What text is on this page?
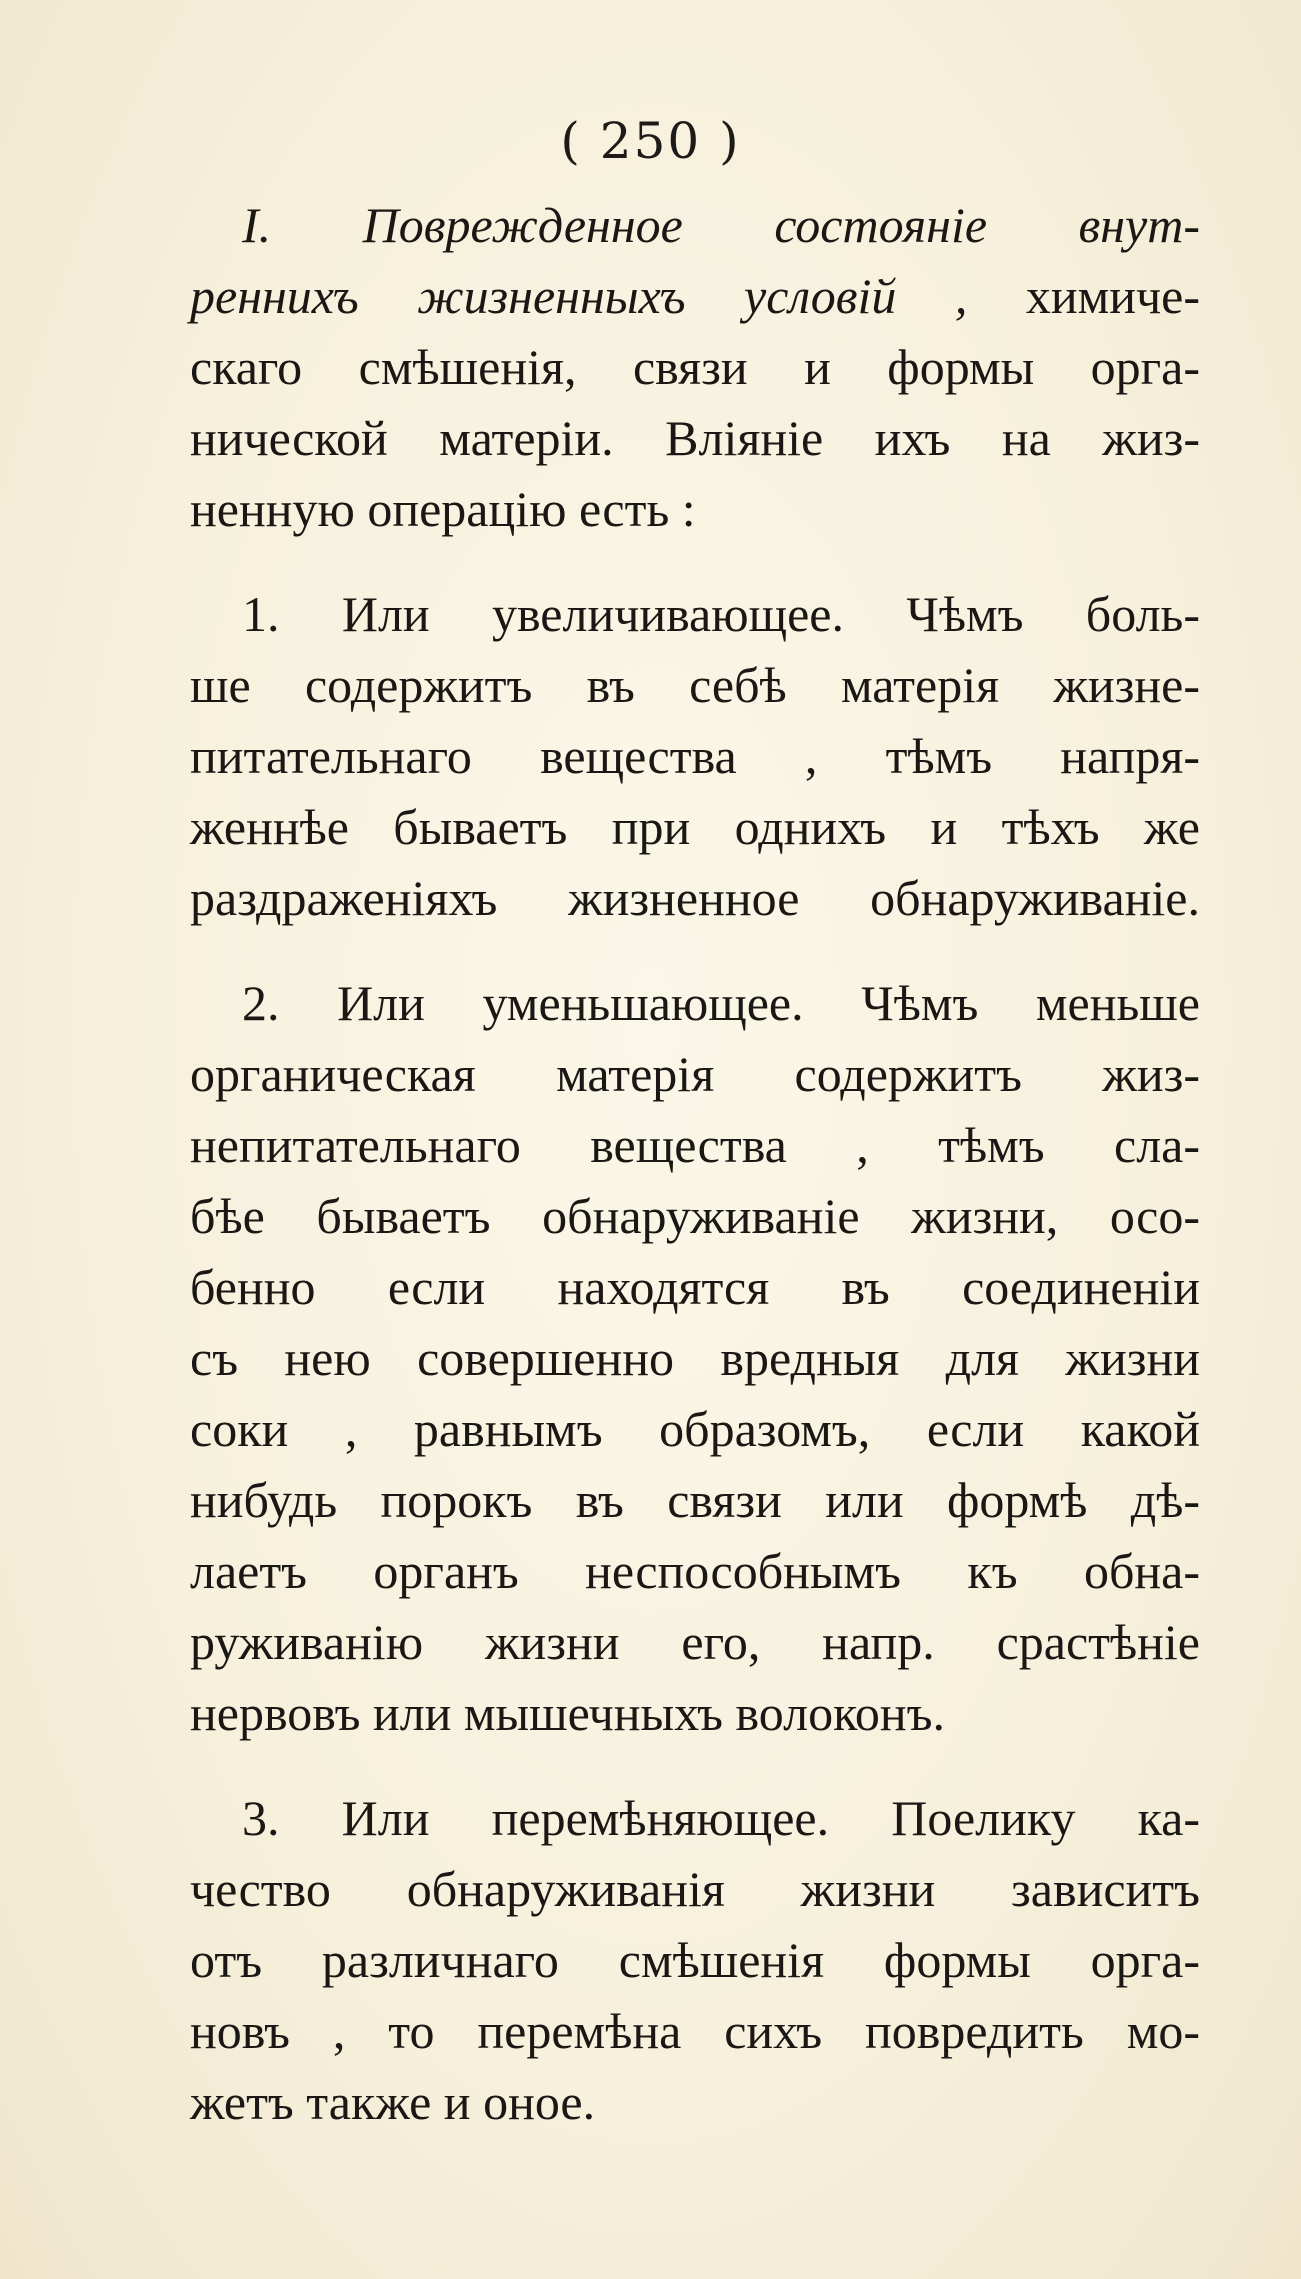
( 250 )
I. Поврежденное состоянie внут-
реннихъ жизненныхъ условiй , химиче-
скаго смѣшенiя, связи и формы орга-
нической матерiи. Влiянiе ихъ на жиз-
ненную операцiю есть :
1. Или увеличивающее. Чѣмъ боль-
ше содержитъ въ себѣ матерiя жизне-
питательнаго вещества , тѣмъ напря-
женнѣе бываетъ при однихъ и тѣхъ же
раздраженiяхъ жизненное обнаруживанiе.
2. Или уменьшающее. Чѣмъ меньше
органическая матерiя содержитъ жиз-
непитательнаго вещества , тѣмъ сла-
бѣе бываетъ обнаруживанiе жизни, осо-
бенно если находятся въ соединенiи
съ нею совершенно вредныя для жизни
соки , равнымъ образомъ, если какой
нибудь порокъ въ связи или формѣ дѣ-
лаетъ органъ неспособнымъ къ обна-
руживанiю жизни его, напр. срастѣнiе
нервовъ или мышечныхъ волоконъ.
3. Или перемѣняющее. Поелику ка-
чество обнаруживанiя жизни зависитъ
отъ различнаго смѣшенiя формы орга-
новъ , то перемѣна сихъ повредить мо-
жетъ также и оное.
